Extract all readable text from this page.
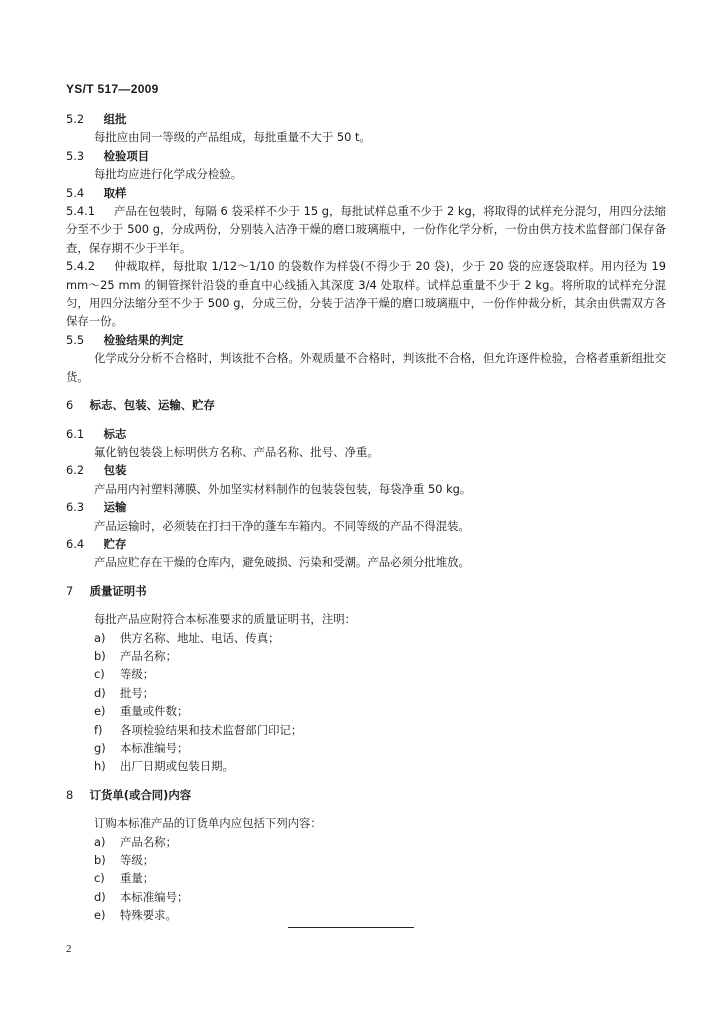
YS/T 517—2009
5.2 组批
每批应由同一等级的产品组成，每批重量不大于 50 t。
5.3 检验项目
每批均应进行化学成分检验。
5.4 取样
5.4.1 产品在包装时，每隔 6 袋采样不少于 15 g，每批试样总重不少于 2 kg，将取得的试样充分混匀，用四分法缩分至不少于 500 g，分成两份，分别装入洁净干燥的磨口玻璃瓶中，一份作化学分析，一份由供方技术监督部门保存备查，保存期不少于半年。
5.4.2 仲裁取样，每批取 1/12～1/10 的袋数作为样袋(不得少于 20 袋)，少于 20 袋的应逐袋取样。用内径为 19 mm～25 mm 的铜管探针沿袋的垂直中心线插入其深度 3/4 处取样。试样总重量不少于 2 kg。将所取的试样充分混匀，用四分法缩分至不少于 500 g，分成三份，分装于洁净干燥的磨口玻璃瓶中，一份作仲裁分析，其余由供需双方各保存一份。
5.5 检验结果的判定
化学成分分析不合格时，判该批不合格。外观质量不合格时，判该批不合格，但允许逐件检验，合格者重新组批交货。
6 标志、包装、运输、贮存
6.1 标志
氟化钠包装袋上标明供方名称、产品名称、批号、净重。
6.2 包装
产品用内衬塑料薄膜、外加坚实材料制作的包装袋包装，每袋净重 50 kg。
6.3 运输
产品运输时，必须装在打扫干净的蓬车车箱内。不同等级的产品不得混装。
6.4 贮存
产品应贮存在干燥的仓库内，避免破损、污染和受潮。产品必须分批堆放。
7 质量证明书
每批产品应附符合本标准要求的质量证明书，注明：
a) 供方名称、地址、电话、传真；
b) 产品名称；
c) 等级；
d) 批号；
e) 重量或件数；
f) 各项检验结果和技术监督部门印记；
g) 本标准编号；
h) 出厂日期或包装日期。
8 订货单(或合同)内容
订购本标准产品的订货单内应包括下列内容：
a) 产品名称；
b) 等级；
c) 重量；
d) 本标准编号；
e) 特殊要求。
2
